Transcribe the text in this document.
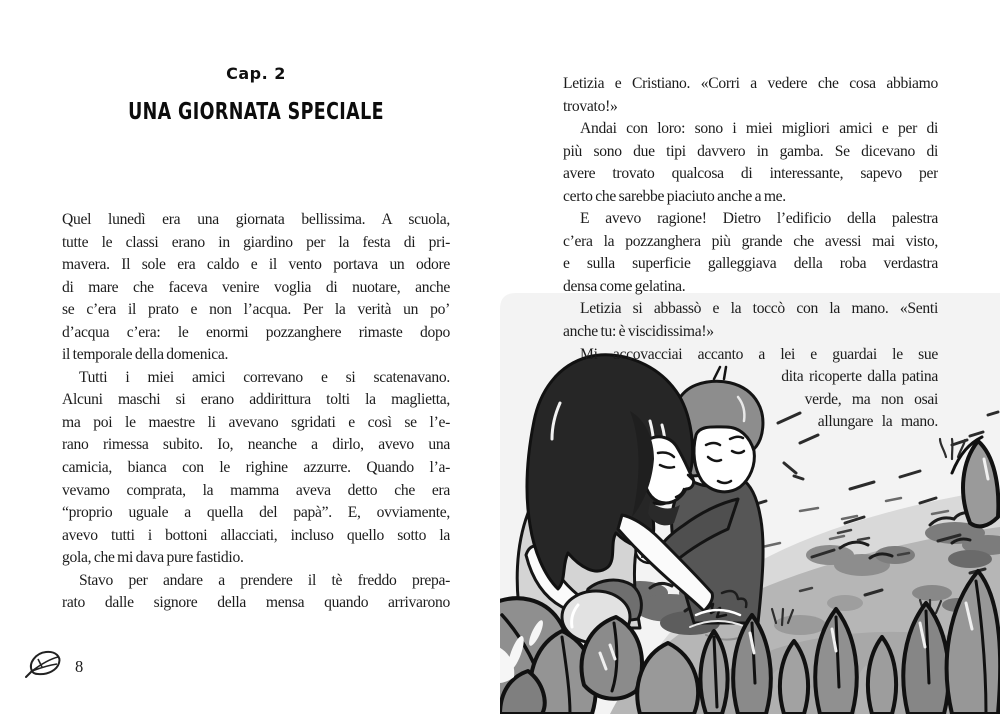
Cap. 2
UNA GIORNATA SPECIALE
Quel lunedì era una giornata bellissima. A scuola,
tutte le classi erano in giardino per la festa di pri-
mavera. Il sole era caldo e il vento portava un odore
di mare che faceva venire voglia di nuotare, anche
se c’era il prato e non l’acqua. Per la verità un po’
d’acqua c’era: le enormi pozzanghere rimaste dopo
il temporale della domenica.
Tutti i miei amici correvano e si scatenavano.
Alcuni maschi si erano addirittura tolti la maglietta,
ma poi le maestre li avevano sgridati e così se l’e-
rano rimessa subito. Io, neanche a dirlo, avevo una
camicia, bianca con le righine azzurre. Quando l’a-
vevamo comprata, la mamma aveva detto che era
“proprio uguale a quella del papà”. E, ovviamente,
avevo tutti i bottoni allacciati, incluso quello sotto la
gola, che mi dava pure fastidio.
Stavo per andare a prendere il tè freddo prepa-
rato dalle signore della mensa quando arrivarono
Letizia e Cristiano. «Corri a vedere che cosa abbiamo
trovato!»
Andai con loro: sono i miei migliori amici e per di
più sono due tipi davvero in gamba. Se dicevano di
avere trovato qualcosa di interessante, sapevo per
certo che sarebbe piaciuto anche a me.
E avevo ragione! Dietro l’edificio della palestra
c’era la pozzanghera più grande che avessi mai visto,
e sulla superficie galleggiava della roba verdastra
densa come gelatina.
Letizia si abbassò e la toccò con la mano. «Senti
anche tu: è viscidissima!»
Mi accovacciai accanto a lei e guardai le sue
dita ricoperte dalla patina
verde, ma non osai
allungare la mano.
8
